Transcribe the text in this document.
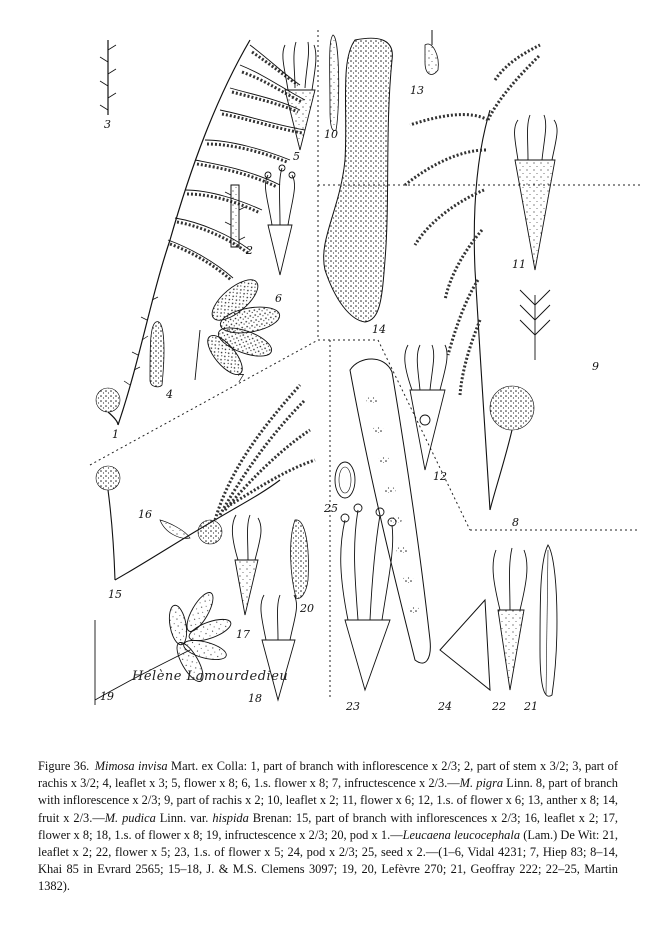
1
2
3
4
5
6
7
8
9
10
11
12
13
14
15
16
17
18
19
20
21
22
23	24
25
Hélène Lamourdedieu
Figure 36. Mimosa invisa Mart. ex Colla: 1, part of branch with inflorescence x 2/3; 2, part of stem x 3/2; 3, part of rachis x 3/2; 4, leaflet x 3; 5, flower x 8; 6, 1.s. flower x 8; 7, infructescence x 2/3.—M. pigra Linn. 8, part of branch with inflorescence x 2/3; 9, part of rachis x 2; 10, leaflet x 2; 11, flower x 6; 12, 1.s. of flower x 6; 13, anther x 8; 14, fruit x 2/3.—M. pudica Linn. var. hispida Brenan: 15, part of branch with inflorescences x 2/3; 16, leaflet x 2; 17, flower x 8; 18, 1.s. of flower x 8; 19, infructescence x 2/3; 20, pod x 1.—Leucaena leucocephala (Lam.) De Wit: 21, leaflet x 2; 22, flower x 5; 23, 1.s. of flower x 5; 24, pod x 2/3; 25, seed x 2.—(1–6, Vidal 4231; 7, Hiep 83; 8–14, Khai 85 in Evrard 2565; 15–18, J. & M.S. Clemens 3097; 19, 20, Lefèvre 270; 21, Geoffray 222; 22–25, Martin 1382).
